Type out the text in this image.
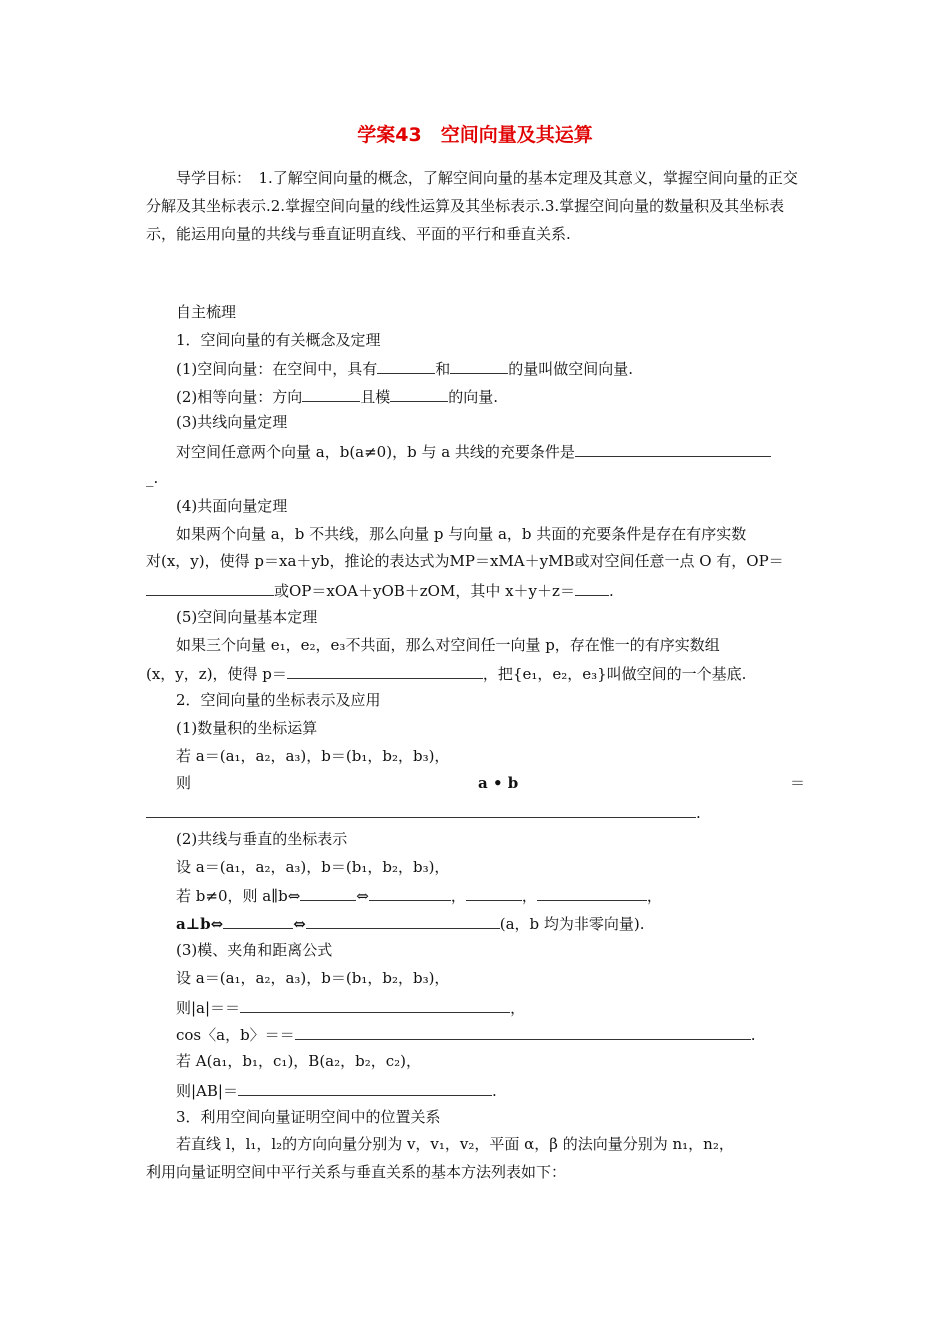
学案43　空间向量及其运算
导学目标：　1.了解空间向量的概念，了解空间向量的基本定理及其意义，掌握空间向量的正交分解及其坐标表示.2.掌握空间向量的线性运算及其坐标表示.3.掌握空间向量的数量积及其坐标表示，能运用向量的共线与垂直证明直线、平面的平行和垂直关系.
自主梳理
1．空间向量的有关概念及定理
(1)空间向量：在空间中，具有	和	的量叫做空间向量.
(2)相等向量：方向	且模	的向量.
(3)共线向量定理
对空间任意两个向量 a，b(a≠0)，b 与 a 共线的充要条件是
_.
(4)共面向量定理
如果两个向量 a，b 不共线，那么向量 p 与向量 a，b 共面的充要条件是存在有序实数
对(x，y)，使得 p＝xa＋yb，推论的表达式为MP＝xMA＋yMB或对空间任意一点 O 有，OP＝
或OP＝xOA＋yOB＋zOM，其中 x＋y＋z＝ .
(5)空间向量基本定理
如果三个向量 e₁，e₂，e₃不共面，那么对空间任一向量 p，存在惟一的有序实数组
(x，y，z)，使得 p＝	，把{e₁，e₂，e₃}叫做空间的一个基底.
2．空间向量的坐标表示及应用
(1)数量积的坐标运算
若 a＝(a₁，a₂，a₃)，b＝(b₁，b₂，b₃)，
则	a • b	＝
.
(2)共线与垂直的坐标表示
设 a＝(a₁，a₂，a₃)，b＝(b₁，b₂，b₃)，
若 b≠0，则 a∥b⇔	⇔	，	，	，
a⊥b⇔	⇔	(a，b 均为非零向量).
(3)模、夹角和距离公式
设 a＝(a₁，a₂，a₃)，b＝(b₁，b₂，b₃)，
则|a|＝＝	，
cos〈a，b〉＝＝	.
若 A(a₁，b₁，c₁)，B(a₂，b₂，c₂)，
则|AB|＝	.
3．利用空间向量证明空间中的位置关系
若直线 l，l₁，l₂的方向向量分别为 v，v₁，v₂，平面 α，β 的法向量分别为 n₁，n₂，
利用向量证明空间中平行关系与垂直关系的基本方法列表如下：
